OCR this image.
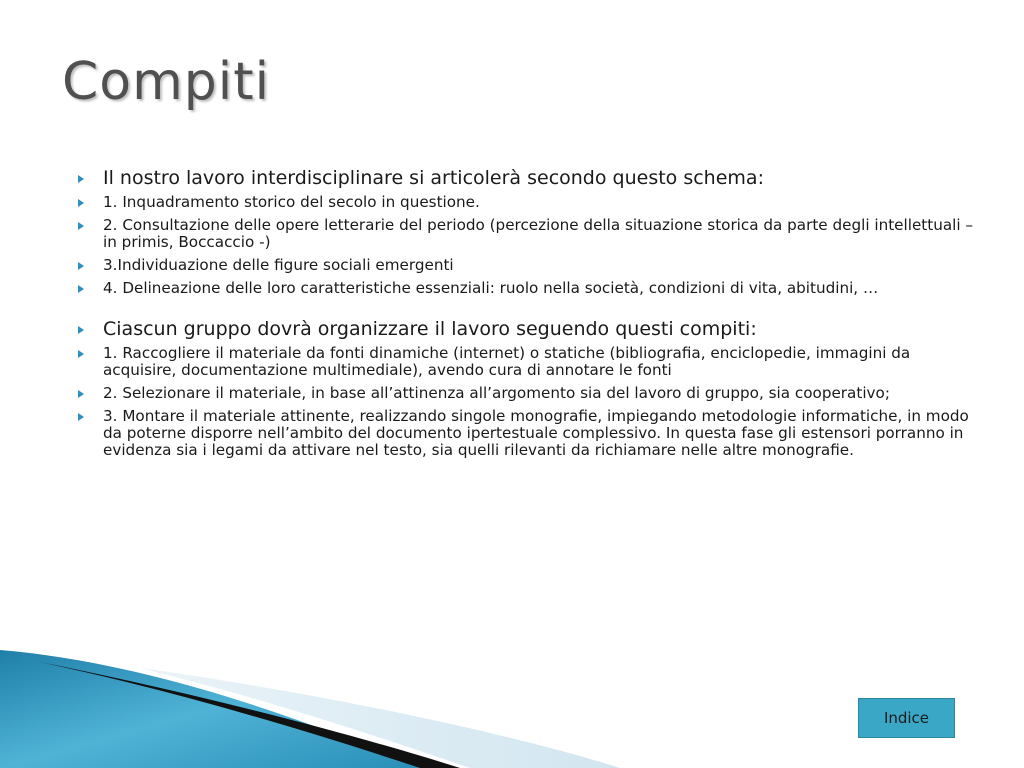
Compiti
Il nostro lavoro interdisciplinare si articolerà secondo questo schema:
1. Inquadramento storico del secolo in questione.
2. Consultazione delle opere letterarie del periodo (percezione della situazione storica da parte degli intellettuali – in primis, Boccaccio -)
3.Individuazione delle figure sociali emergenti
4. Delineazione delle loro caratteristiche essenziali: ruolo nella società, condizioni di vita, abitudini, …
Ciascun gruppo dovrà organizzare il lavoro seguendo questi compiti:
1. Raccogliere il materiale da fonti dinamiche (internet) o statiche (bibliografia, enciclopedie, immagini da acquisire, documentazione multimediale), avendo cura di annotare le fonti
2. Selezionare il materiale, in base all’attinenza all’argomento sia del lavoro di gruppo, sia cooperativo;
3. Montare il materiale attinente, realizzando singole monografie, impiegando metodologie informatiche, in modo da poterne disporre nell’ambito del documento ipertestuale complessivo. In questa fase gli estensori porranno in evidenza sia i legami da attivare nel testo, sia quelli rilevanti da richiamare nelle altre monografie.
Indice
